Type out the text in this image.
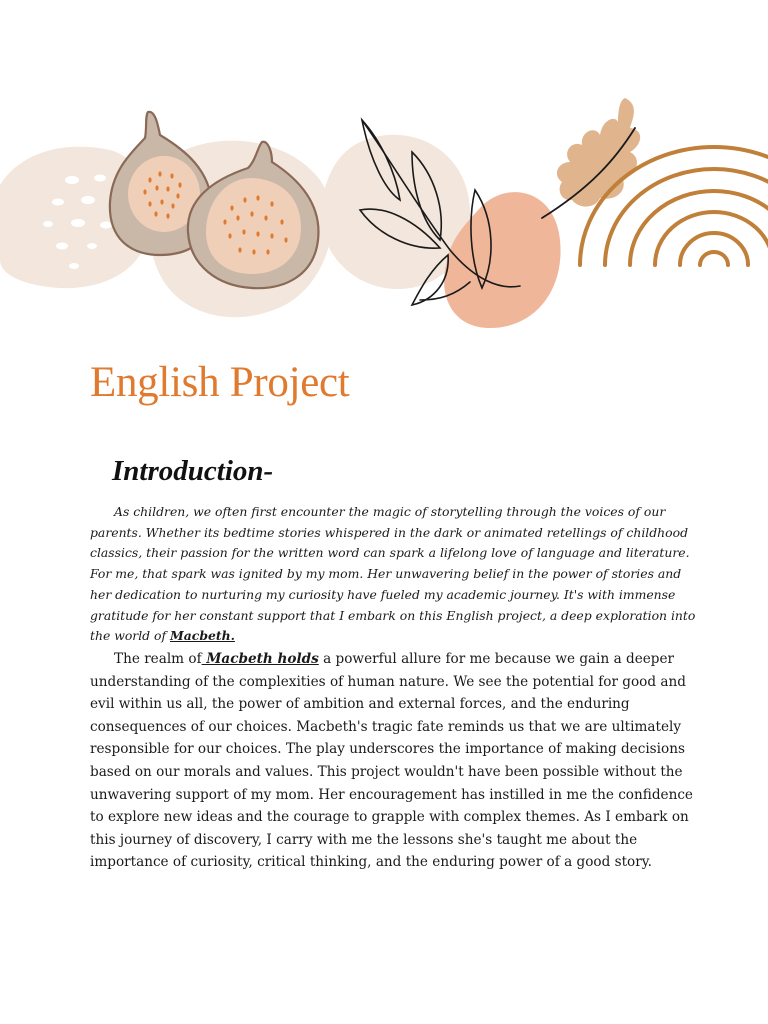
English Project
Introduction-

As children, we often first encounter the magic of storytelling through the voices of our parents. Whether its bedtime stories whispered in the dark or animated retellings of childhood classics, their passion for the written word can spark a lifelong love of language and literature. For me, that spark was ignited by my mom. Her unwavering belief in the power of stories and her dedication to nurturing my curiosity have fueled my academic journey. It's with immense gratitude for her constant support that I embark on this English project, a deep exploration into the world of Macbeth.

The realm of Macbeth holds a powerful allure for me because we gain a deeper understanding of the complexities of human nature. We see the potential for good and evil within us all, the power of ambition and external forces, and the enduring consequences of our choices. Macbeth's tragic fate reminds us that we are ultimately responsible for our choices. The play underscores the importance of making decisions based on our morals and values. This project wouldn't have been possible without the unwavering support of my mom. Her encouragement has instilled in me the confidence to explore new ideas and the courage to grapple with complex themes. As I embark on this journey of discovery, I carry with me the lessons she's taught me about the importance of curiosity, critical thinking, and the enduring power of a good story.
